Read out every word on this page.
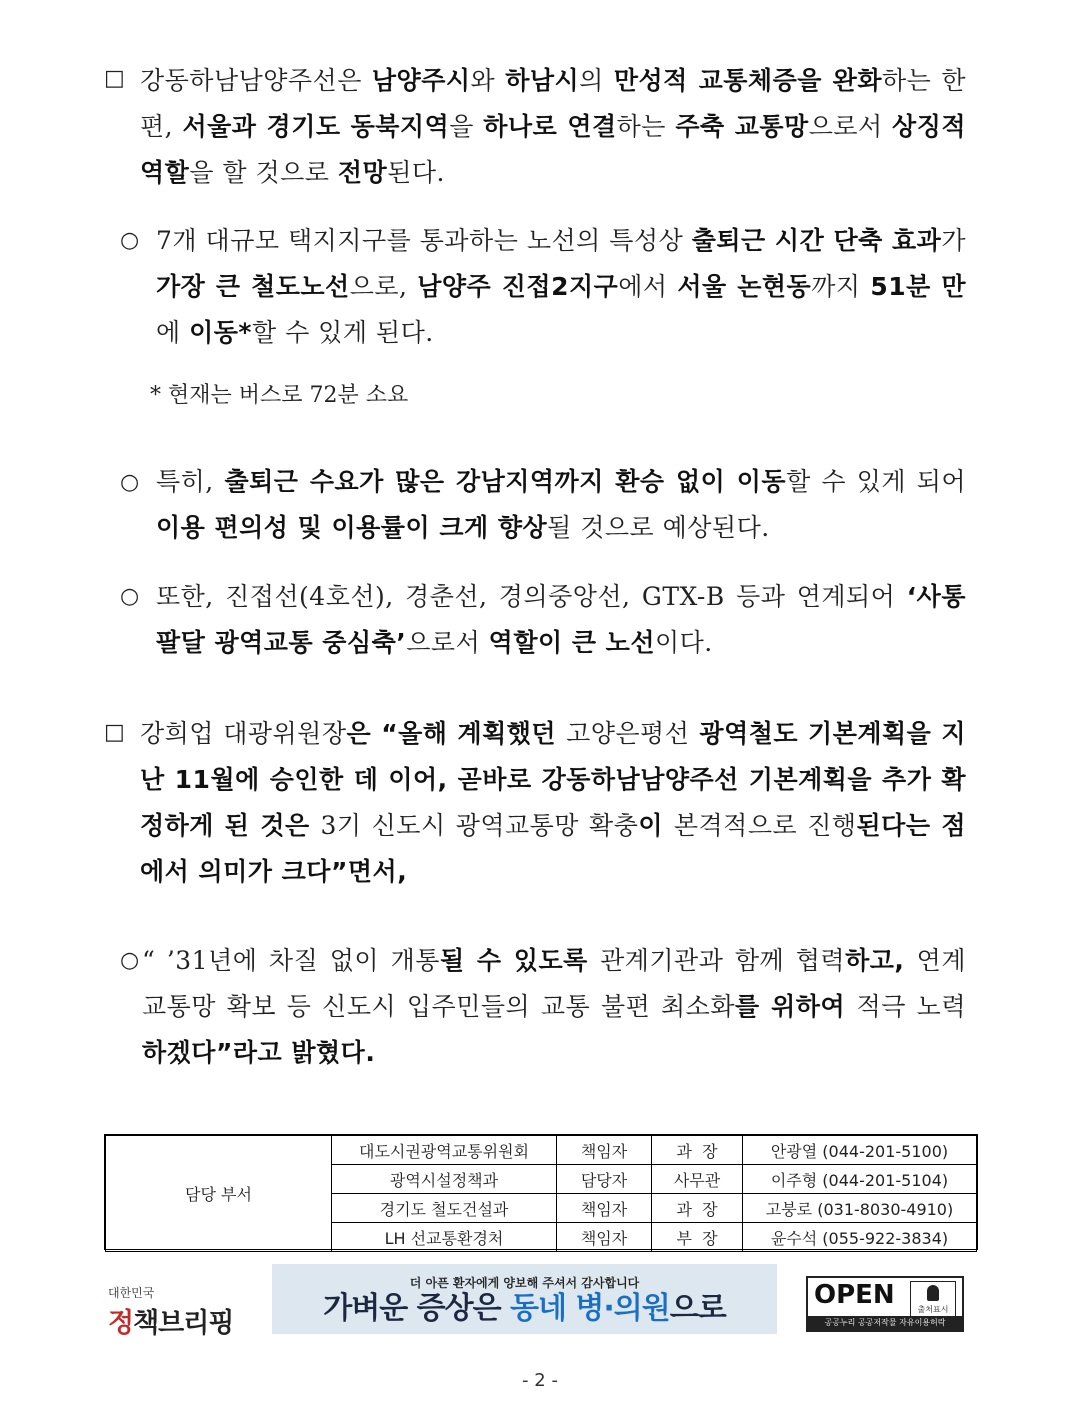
□ 강동하남남양주선은 남양주시와 하남시의 만성적 교통체증을 완화하는 한편, 서울과 경기도 동북지역을 하나로 연결하는 주축 교통망으로서 상징적 역할을 할 것으로 전망된다.
○ 7개 대규모 택지지구를 통과하는 노선의 특성상 출퇴근 시간 단축 효과가 가장 큰 철도노선으로, 남양주 진접2지구에서 서울 논현동까지 51분 만에 이동*할 수 있게 된다.
* 현재는 버스로 72분 소요
○ 특히, 출퇴근 수요가 많은 강남지역까지 환승 없이 이동할 수 있게 되어 이용 편의성 및 이용률이 크게 향상될 것으로 예상된다.
○ 또한, 진접선(4호선), 경춘선, 경의중앙선, GTX-B 등과 연계되어 ‘사통팔달 광역교통 중심축’으로서 역할이 큰 노선이다.
□ 강희업 대광위원장은 “올해 계획했던 고양은평선 광역철도 기본계획을 지난 11월에 승인한 데 이어, 곧바로 강동하남남양주선 기본계획을 추가 확정하게 된 것은 3기 신도시 광역교통망 확충이 본격적으로 진행된다는 점에서 의미가 크다”면서,
○ “ ’31년에 차질 없이 개통될 수 있도록 관계기관과 함께 협력하고, 연계 교통망 확보 등 신도시 입주민들의 교통 불편 최소화를 위하여 적극 노력하겠다”라고 밝혔다.
담당 부서	대도시권광역교통위원회	책임자	과  장	안광열 (044-201-5100)
	광역시설정책과	담당자	사무관	이주형 (044-201-5104)
	경기도 철도건설과	책임자	과  장	고붕로 (031-8030-4910)
	LH 선교통환경처	책임자	부  장	윤수석 (055-922-3834)
대한민국
정책브리핑
더 아픈 환자에게 양보해 주셔서 감사합니다
가벼운 증상은 동네 병·의원으로	OPEN	출처표시
공공누리 공공저작물 자유이용허락
- 2 -
